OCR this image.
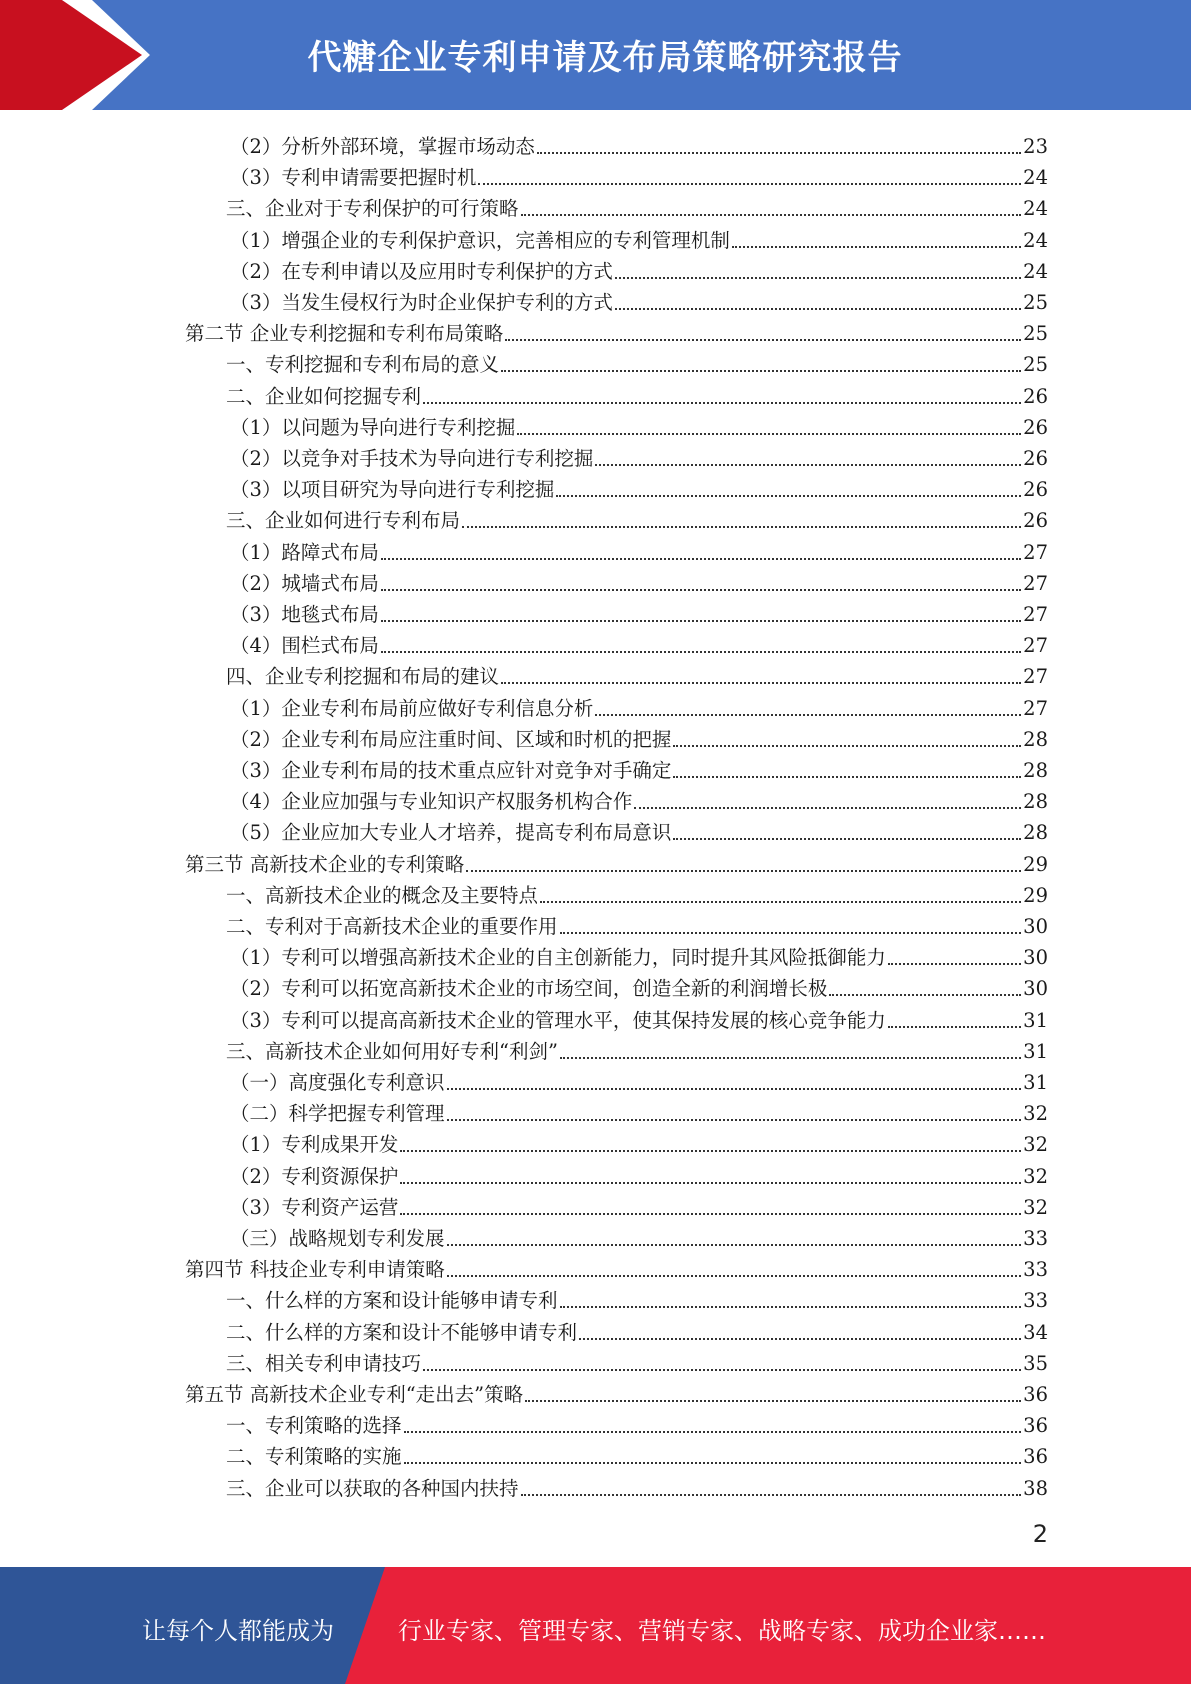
代糖企业专利申请及布局策略研究报告
（2）分析外部环境，掌握市场动态	23
（3）专利申请需要把握时机	24
三、企业对于专利保护的可行策略	24
（1）增强企业的专利保护意识，完善相应的专利管理机制	24
（2）在专利申请以及应用时专利保护的方式	24
（3）当发生侵权行为时企业保护专利的方式	25
第二节 企业专利挖掘和专利布局策略	25
一、专利挖掘和专利布局的意义	25
二、企业如何挖掘专利	26
（1）以问题为导向进行专利挖掘	26
（2）以竞争对手技术为导向进行专利挖掘	26
（3）以项目研究为导向进行专利挖掘	26
三、企业如何进行专利布局	26
（1）路障式布局	27
（2）城墙式布局	27
（3）地毯式布局	27
（4）围栏式布局	27
四、企业专利挖掘和布局的建议	27
（1）企业专利布局前应做好专利信息分析	27
（2）企业专利布局应注重时间、区域和时机的把握	28
（3）企业专利布局的技术重点应针对竞争对手确定	28
（4）企业应加强与专业知识产权服务机构合作	28
（5）企业应加大专业人才培养，提高专利布局意识	28
第三节 高新技术企业的专利策略	29
一、高新技术企业的概念及主要特点	29
二、专利对于高新技术企业的重要作用	30
（1）专利可以增强高新技术企业的自主创新能力，同时提升其风险抵御能力	30
（2）专利可以拓宽高新技术企业的市场空间，创造全新的利润增长极	30
（3）专利可以提高高新技术企业的管理水平，使其保持发展的核心竞争能力	31
三、高新技术企业如何用好专利“利剑”	31
（一）高度强化专利意识	31
（二）科学把握专利管理	32
（1）专利成果开发	32
（2）专利资源保护	32
（3）专利资产运营	32
（三）战略规划专利发展	33
第四节 科技企业专利申请策略	33
一、什么样的方案和设计能够申请专利	33
二、什么样的方案和设计不能够申请专利	34
三、相关专利申请技巧	35
第五节 高新技术企业专利“走出去”策略	36
一、专利策略的选择	36
二、专利策略的实施	36
三、企业可以获取的各种国内扶持	38
2
让每个人都能成为	行业专家、管理专家、营销专家、战略专家、成功企业家……
